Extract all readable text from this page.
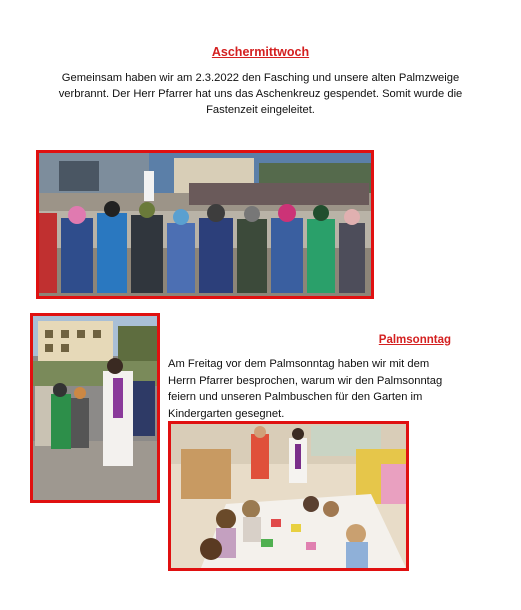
Aschermittwoch
Gemeinsam haben wir am 2.3.2022 den Fasching und unsere alten Palmzweige verbrannt. Der Herr Pfarrer hat uns das Aschenkreuz gespendet. Somit wurde die Fastenzeit eingeleitet.
Palmsonntag
Am Freitag vor dem Palmsonntag haben wir mit dem Herrn Pfarrer besprochen, warum wir den Palmsonntag feiern und unseren Palmbuschen für den Garten im Kindergarten gesegnet.
